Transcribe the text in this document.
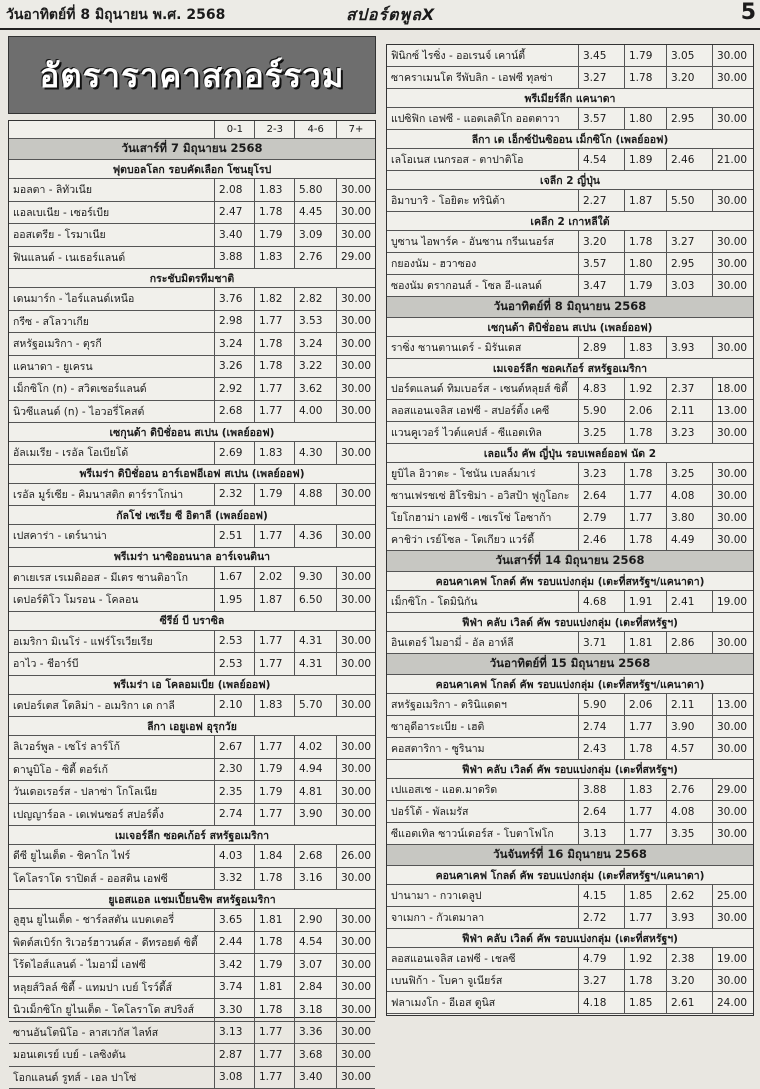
วันอาทิตย์ที่ 8 มิถุนายน พ.ศ. 2568	สปอร์ตพูลX	5
อัตราราคาสกอร์รวม
0-1	2-3	4-6	7+
วันเสาร์ที่ 7 มิถุนายน 2568
ฟุตบอลโลก รอบคัดเลือก โซนยุโรป
มอลตา - ลิทัวเนีย	2.08	1.83	5.80	30.00
แอลเบเนีย - เซอร์เบีย	2.47	1.78	4.45	30.00
ออสเตรีย - โรมาเนีย	3.40	1.79	3.09	30.00
ฟินแลนด์ - เนเธอร์แลนด์	3.88	1.83	2.76	29.00
กระชับมิตรทีมชาติ
เดนมาร์ก - ไอร์แลนด์เหนือ	3.76	1.82	2.82	30.00
กรีซ - สโลวาเกีย	2.98	1.77	3.53	30.00
สหรัฐอเมริกา - ตุรกี	3.24	1.78	3.24	30.00
แคนาดา - ยูเครน	3.26	1.78	3.22	30.00
เม็กซิโก (n) - สวิตเซอร์แลนด์	2.92	1.77	3.62	30.00
นิวซีแลนด์ (n) - ไอวอรี่โคสต์	2.68	1.77	4.00	30.00
เซกุนด้า ดิบิชั่ออน สเปน (เพลย์ออฟ)
อัลเมเรีย - เรอัล โอเบียโด้	2.69	1.83	4.30	30.00
พรีเมร่า ดิบิชั่ออน อาร์เอฟอีเอฟ สเปน (เพลย์ออฟ)
เรอัล มูร์เซีย - คิมนาสติก ตาร์ราโกน่า	2.32	1.79	4.88	30.00
กัลโช่ เซเรีย ซี อิตาลี (เพลย์ออฟ)
เปสคาร่า - เตร์นาน่า	2.51	1.77	4.36	30.00
พรีเมร่า นาซิออนนาล อาร์เจนตินา
ตาเยเรส เรเมดิออส - มีเตร ซานติอาโก	1.67	2.02	9.30	30.00
เดปอร์ติโว โมรอน - โคลอน	1.95	1.87	6.50	30.00
ซีรีย์ บี บราซิล
อเมริกา มิเนโร่ - แฟร์โรเวียเรีย	2.53	1.77	4.31	30.00
อาไว - ชีอาร์บี	2.53	1.77	4.31	30.00
พรีเมร่า เอ โคลอมเบีย (เพลย์ออฟ)
เดปอร์เตส โตลิม่า - อเมริกา เด กาลี	2.10	1.83	5.70	30.00
ลีกา เอยูเอฟ อุรุกวัย
ลิเวอร์พูล - เซโร่ ลาร์โก้	2.67	1.77	4.02	30.00
ดานูบิโอ - ซิตี้ ตอร์เก้	2.30	1.79	4.94	30.00
วันเดอเรอร์ส - ปลาซ่า โกโลเนีย	2.35	1.79	4.81	30.00
เปญญาร์อล - เดเฟนซอร์ สปอร์ติ้ง	2.74	1.77	3.90	30.00
เมเจอร์ลีก ซอคเก้อร์ สหรัฐอเมริกา
ดีซี ยูไนเต็ด - ชิคาโก ไฟร์	4.03	1.84	2.68	26.00
โคโลราโด ราปิดส์ - ออสติน เอฟซี	3.32	1.78	3.16	30.00
ยูเอสแอล แชมเปี้ยนชิพ สหรัฐอเมริกา
ลูฮุน ยูไนเต็ด - ชาร์ลสตัน แบตเตอรี่	3.65	1.81	2.90	30.00
พิตต์สเบิร์ก ริเวอร์ฮาวนด์ส - ดีทรอยต์ ซิตี้	2.44	1.78	4.54	30.00
โร้ดไอส์แลนด์ - ไมอามี่ เอฟซี	3.42	1.79	3.07	30.00
หลุยส์วิลล์ ซิตี้ - แทมปา เบย์ โรว์ดี้ส์	3.74	1.81	2.84	30.00
นิวเม็กซิโก ยูไนเต็ด - โคโลราโด สปริงส์	3.30	1.78	3.18	30.00
ซานอันโตนิโอ - ลาสเวกัส ไลท์ส	3.13	1.77	3.36	30.00
มอนเตเรย์ เบย์ - เลซิงตัน	2.87	1.77	3.68	30.00
โอกแลนด์ รูทส์ - เอล ปาโซ่	3.08	1.77	3.40	30.00
ฟินิกซ์ ไรซิ่ง - ออเรนจ์ เคาน์ตี้	3.45	1.79	3.05	30.00
ซาคราเมนโต รีพับลิก - เอฟซี ทุลซ่า	3.27	1.78	3.20	30.00
พรีเมียร์ลีก แคนาดา
แปซิฟิก เอฟซี - แอตเลติโก ออตตาวา	3.57	1.80	2.95	30.00
ลีกา เด เอ็กซ์ปันซิออน เม็กซิโก (เพลย์ออฟ)
เลโอเนส เนกรอส - ตาปาติโอ	4.54	1.89	2.46	21.00
เจลีก 2 ญี่ปุ่น
อิมาบาริ - โอยิตะ ทรินิต้า	2.27	1.87	5.50	30.00
เคลีก 2 เกาหลีใต้
บูซาน ไอพาร์ค - อันซาน กรีนเนอร์ส	3.20	1.78	3.27	30.00
กยองนัม - ฮวาซอง	3.57	1.80	2.95	30.00
ซองนัม ดรากอนส์ - โซล อี-แลนด์	3.47	1.79	3.03	30.00
วันอาทิตย์ที่ 8 มิถุนายน 2568
เซกุนด้า ดิบิชั่ออน สเปน (เพลย์ออฟ)
ราซิ่ง ซานตานเดร์ - มิรันเดส	2.89	1.83	3.93	30.00
เมเจอร์ลีก ซอคเก้อร์ สหรัฐอเมริกา
ปอร์ตแลนด์ ทิมเบอร์ส - เซนต์หลุยส์ ซิตี้	4.83	1.92	2.37	18.00
ลอสแอนเจลิส เอฟซี - สปอร์ติ้ง เคซี	5.90	2.06	2.11	13.00
แวนคูเวอร์ ไวต์แคปส์ - ซีแอตเทิล	3.25	1.78	3.23	30.00
เลอแว็ง คัพ ญี่ปุ่น รอบเพลย์ออฟ นัด 2
ยูบิไล อิวาตะ - โชนัน เบลล์มาเร่	3.23	1.78	3.25	30.00
ซานเฟรชเซ่ ฮิโรชิม่า - อวิสป้า ฟูกูโอกะ	2.64	1.77	4.08	30.00
โยโกฮาม่า เอฟซี - เซเรโซ่ โอซาก้า	2.79	1.77	3.80	30.00
คาชิว่า เรย์โซล - โตเกียว แวร์ดี้	2.46	1.78	4.49	30.00
วันเสาร์ที่ 14 มิถุนายน 2568
คอนคาเคฟ โกลด์ คัพ รอบแบ่งกลุ่ม (เตะที่สหรัฐฯ/แคนาดา)
เม็กซิโก - โดมินิกัน	4.68	1.91	2.41	19.00
ฟีฟ่า คลับ เวิลด์ คัพ รอบแบ่งกลุ่ม (เตะที่สหรัฐฯ)
อินเตอร์ ไมอามี่ - อัล อาห์ลี	3.71	1.81	2.86	30.00
วันอาทิตย์ที่ 15 มิถุนายน 2568
คอนคาเคฟ โกลด์ คัพ รอบแบ่งกลุ่ม (เตะที่สหรัฐฯ/แคนาดา)
สหรัฐอเมริกา - ตรินิแดดฯ	5.90	2.06	2.11	13.00
ซาอุดีอาระเบีย - เฮติ	2.74	1.77	3.90	30.00
คอสตาริกา - ซูรินาม	2.43	1.78	4.57	30.00
ฟีฟ่า คลับ เวิลด์ คัพ รอบแบ่งกลุ่ม (เตะที่สหรัฐฯ)
เปแอสเช - แอต.มาดริด	3.88	1.83	2.76	29.00
ปอร์โต้ - พัลเมรัส	2.64	1.77	4.08	30.00
ซีแอตเทิล ซาวน์เดอร์ส - โบตาโฟโก	3.13	1.77	3.35	30.00
วันจันทร์ที่ 16 มิถุนายน 2568
คอนคาเคฟ โกลด์ คัพ รอบแบ่งกลุ่ม (เตะที่สหรัฐฯ/แคนาดา)
ปานามา - กวาเดลูป	4.15	1.85	2.62	25.00
จาเมกา - กัวเตมาลา	2.72	1.77	3.93	30.00
ฟีฟ่า คลับ เวิลด์ คัพ รอบแบ่งกลุ่ม (เตะที่สหรัฐฯ)
ลอสแอนเจลิส เอฟซี - เชลซี	4.79	1.92	2.38	19.00
เบนฟิก้า - โบคา จูเนียร์ส	3.27	1.78	3.20	30.00
ฟลาเมงโก - อีเอส ตูนิส	4.18	1.85	2.61	24.00
